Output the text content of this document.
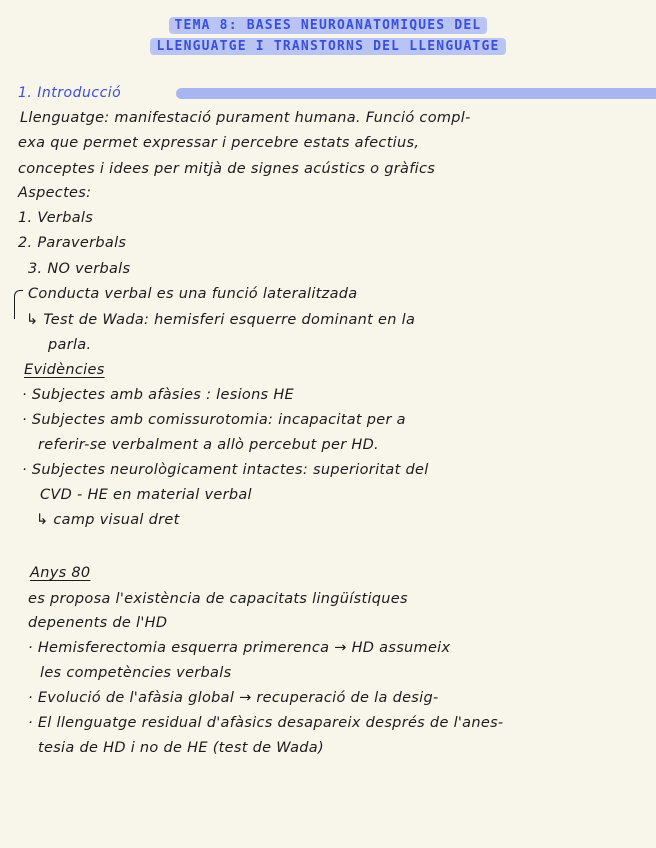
TEMA 8: BASES NEUROANATOMIQUES DEL
LLENGUATGE I TRANSTORNS DEL LLENGUATGE
1. Introducció
Llenguatge: manifestació purament humana. Funció compl-
exa que permet expressar i percebre estats afectius,
conceptes i idees per mitjà de signes acústics o gràfics
Aspectes:
1. Verbals
2. Paraverbals
3. NO verbals
Conducta verbal es una funció lateralitzada
↳ Test de Wada: hemisferi esquerre dominant en la
parla.
Evidències
· Subjectes amb afàsies : lesions HE
· Subjectes amb comissurotomia: incapacitat per a
referir-se verbalment a allò percebut per HD.
· Subjectes neurològicament intactes: superioritat del
CVD - HE en material verbal
↳ camp visual dret
Anys 80
es proposa l'existència de capacitats lingüístiques
depenents de l'HD
· Hemisferectomia esquerra primerenca → HD assumeix
les competències verbals
· Evolució de l'afàsia global → recuperació de la desig-
· El llenguatge residual d'afàsics desapareix després de l'anes-
tesia de HD i no de HE (test de Wada)
